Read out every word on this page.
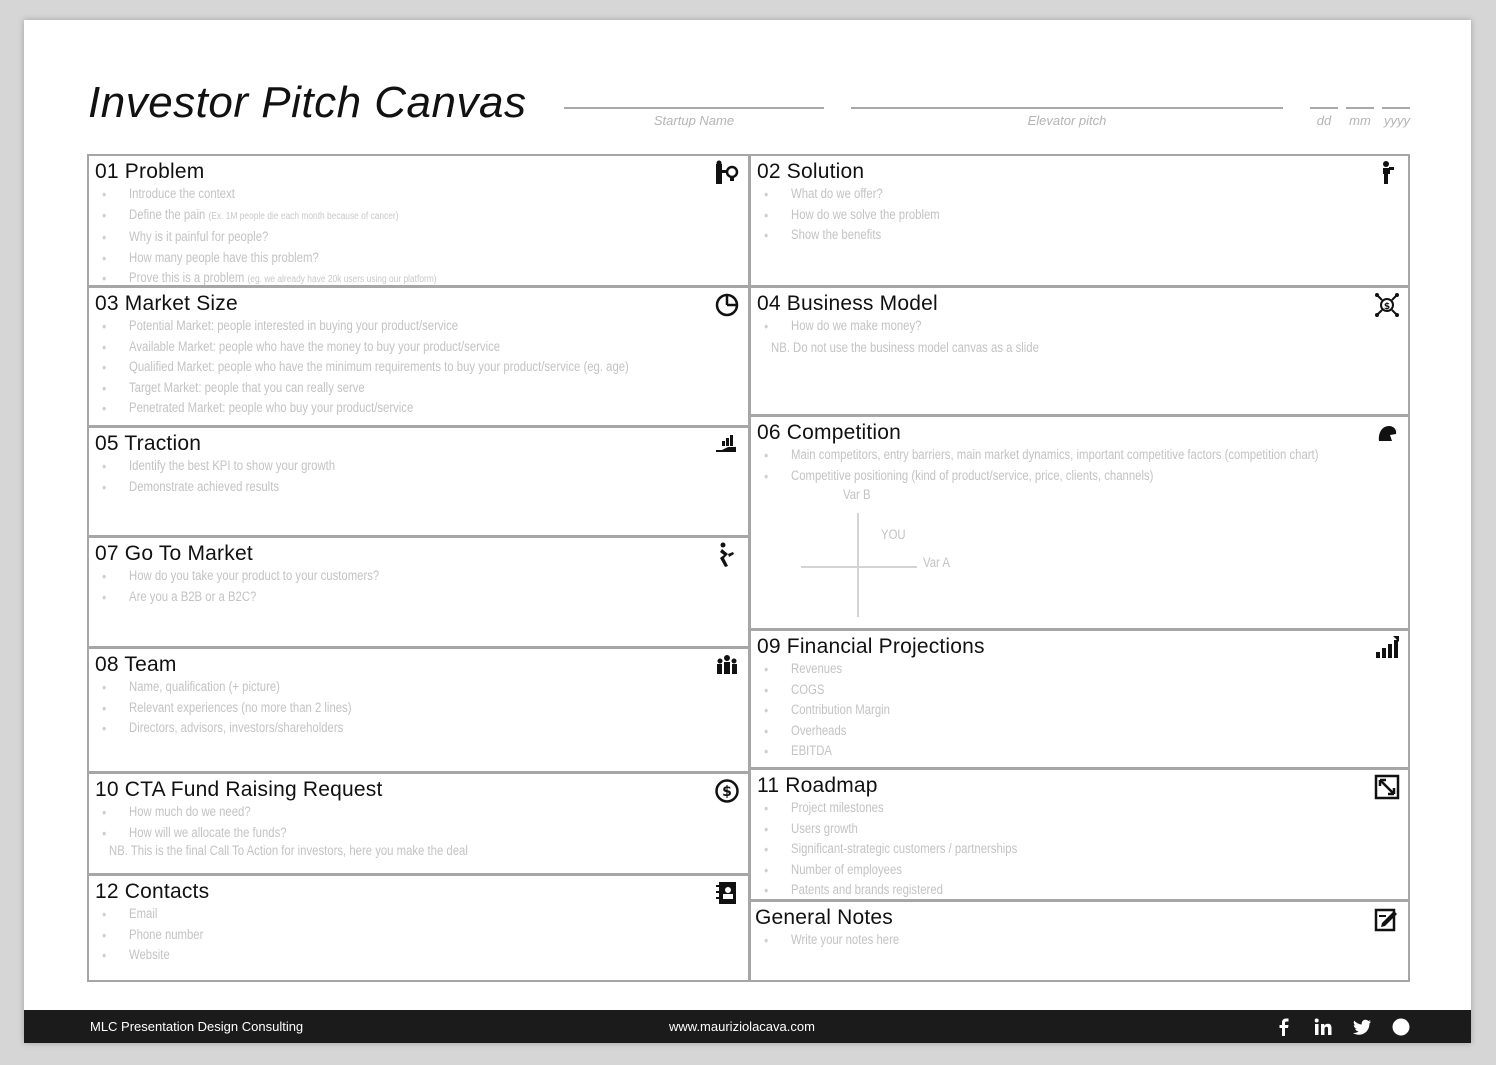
Investor Pitch Canvas	Startup Name	Elevator pitch	dd	mm	yyyy
01 Problem
• Introduce the context
• Define the pain (Ex. 1M people die each month because of cancer)
• Why is it painful for people?
• How many people have this problem?
• Prove this is a problem (eg. we already have 20k users using our platform)
02 Solution
• What do we offer?
• How do we solve the problem
• Show the benefits
03 Market Size
• Potential Market: people interested in buying your product/service
• Available Market: people who have the money to buy your product/service
• Qualified Market: people who have the minimum requirements to buy your product/service (eg. age)
• Target Market: people that you can really serve
• Penetrated Market: people who buy your product/service
04 Business Model	$
• How do we make money?
NB. Do not use the business model canvas as a slide
05 Traction
• Identify the best KPI to show your growth
• Demonstrate achieved results
06 Competition
• Main competitors, entry barriers, main market dynamics, important competitive factors (competition chart)
• Competitive positioning (kind of product/service, price, clients, channels)
Var B
Var A
YOU
07 Go To Market
• How do you take your product to your customers?
• Are you a B2B or a B2C?
08 Team
• Name, qualification (+ picture)
• Relevant experiences (no more than 2 lines)
• Directors, advisors, investors/shareholders
09 Financial Projections
• Revenues
• COGS
• Contribution Margin
• Overheads
• EBITDA
10 CTA Fund Raising Request	$
• How much do we need?
• How will we allocate the funds?
NB. This is the final Call To Action for investors, here you make the deal
11 Roadmap
• Project milestones
• Users growth
• Significant-strategic customers / partnerships
• Number of employees
• Patents and brands registered
12 Contacts
• Email
• Phone number
• Website
General Notes
• Write your notes here
MLC Presentation Design Consulting	www.mauriziolacava.com
